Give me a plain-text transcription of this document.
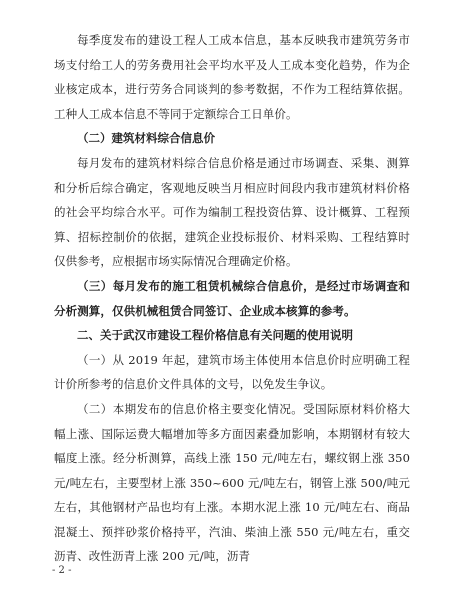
每季度发布的建设工程人工成本信息，基本反映我市建筑劳务市场支付给工人的劳务费用社会平均水平及人工成本变化趋势，作为企业核定成本，进行劳务合同谈判的参考数据，不作为工程结算依据。工种人工成本信息不等同于定额综合工日单价。

（二）建筑材料综合信息价

每月发布的建筑材料综合信息价格是通过市场调查、采集、测算和分析后综合确定，客观地反映当月相应时间段内我市建筑材料价格的社会平均综合水平。可作为编制工程投资估算、设计概算、工程预算、招标控制价的依据，建筑企业投标报价、材料采购、工程结算时仅供参考，应根据市场实际情况合理确定价格。

（三）每月发布的施工租赁机械综合信息价，是经过市场调查和分析测算，仅供机械租赁合同签订、企业成本核算的参考。

二、关于武汉市建设工程价格信息有关问题的使用说明

（一）从 2019 年起，建筑市场主体使用本信息价时应明确工程计价所参考的信息价文件具体的文号，以免发生争议。

（二）本期发布的信息价格主要变化情况。受国际原材料价格大幅上涨、国际运费大幅增加等多方面因素叠加影响，本期钢材有较大幅度上涨。经分析测算，高线上涨 150 元/吨左右，螺纹钢上涨 350 元/吨左右，主要型材上涨 350~600 元/吨左右，钢管上涨 500/吨元左右，其他钢材产品也均有上涨。本期水泥上涨 10 元/吨左右、商品混凝土、预拌砂浆价格持平，汽油、柴油上涨 550 元/吨左右，重交沥青、改性沥青上涨 200 元/吨，沥青

- 2 -
